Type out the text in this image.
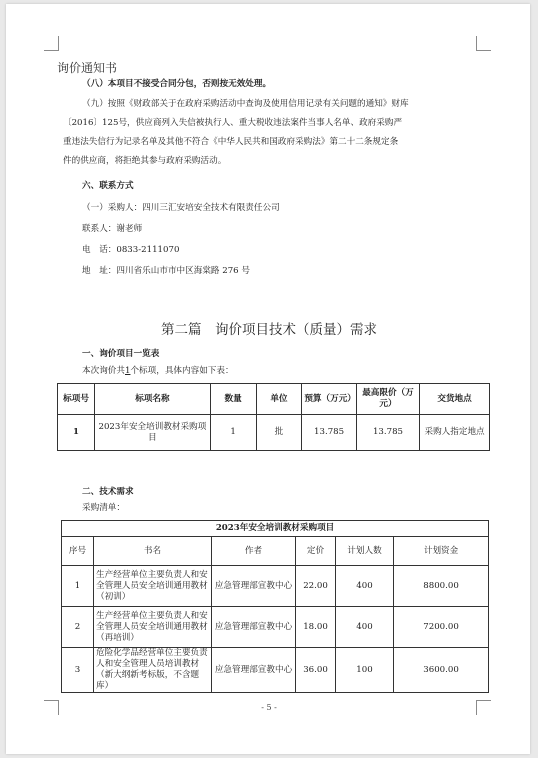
询价通知书
（八）本项目不接受合同分包，否则按无效处理。
（九）按照《财政部关于在政府采购活动中查询及使用信用记录有关问题的通知》财库
〔2016〕125号，供应商列入失信被执行人、重大税收违法案件当事人名单、政府采购严
重违法失信行为记录名单及其他不符合《中华人民共和国政府采购法》第二十二条规定条
件的供应商，将拒绝其参与政府采购活动。
六、联系方式
（一）采购人：四川三汇安培安全技术有限责任公司
联系人：谢老师
电　话：0833-2111070
地　址：四川省乐山市市中区海棠路 276 号
第二篇　询价项目技术（质量）需求
一、询价项目一览表
本次询价共1个标项，具体内容如下表：
标项号	标项名称	数量	单位	预算（万元）	最高限价（万元）	交货地点
1	2023年安全培训教材采购项目	1	批	13.785	13.785	采购人指定地点
二、技术需求
采购清单：
2023年安全培训教材采购项目					
序号	书名	作者	定价	计划人数	计划资金
1	生产经营单位主要负责人和安全管理人员安全培训通用教材（初训）	应急管理部宣教中心	22.00	400	8800.00
2	生产经营单位主要负责人和安全管理人员安全培训通用教材（再培训）	应急管理部宣教中心	18.00	400	7200.00
3	危险化学品经营单位主要负责人和安全管理人员培训教材（新大纲新考标版，不含题库）	应急管理部宣教中心	36.00	100	3600.00
- 5 -
